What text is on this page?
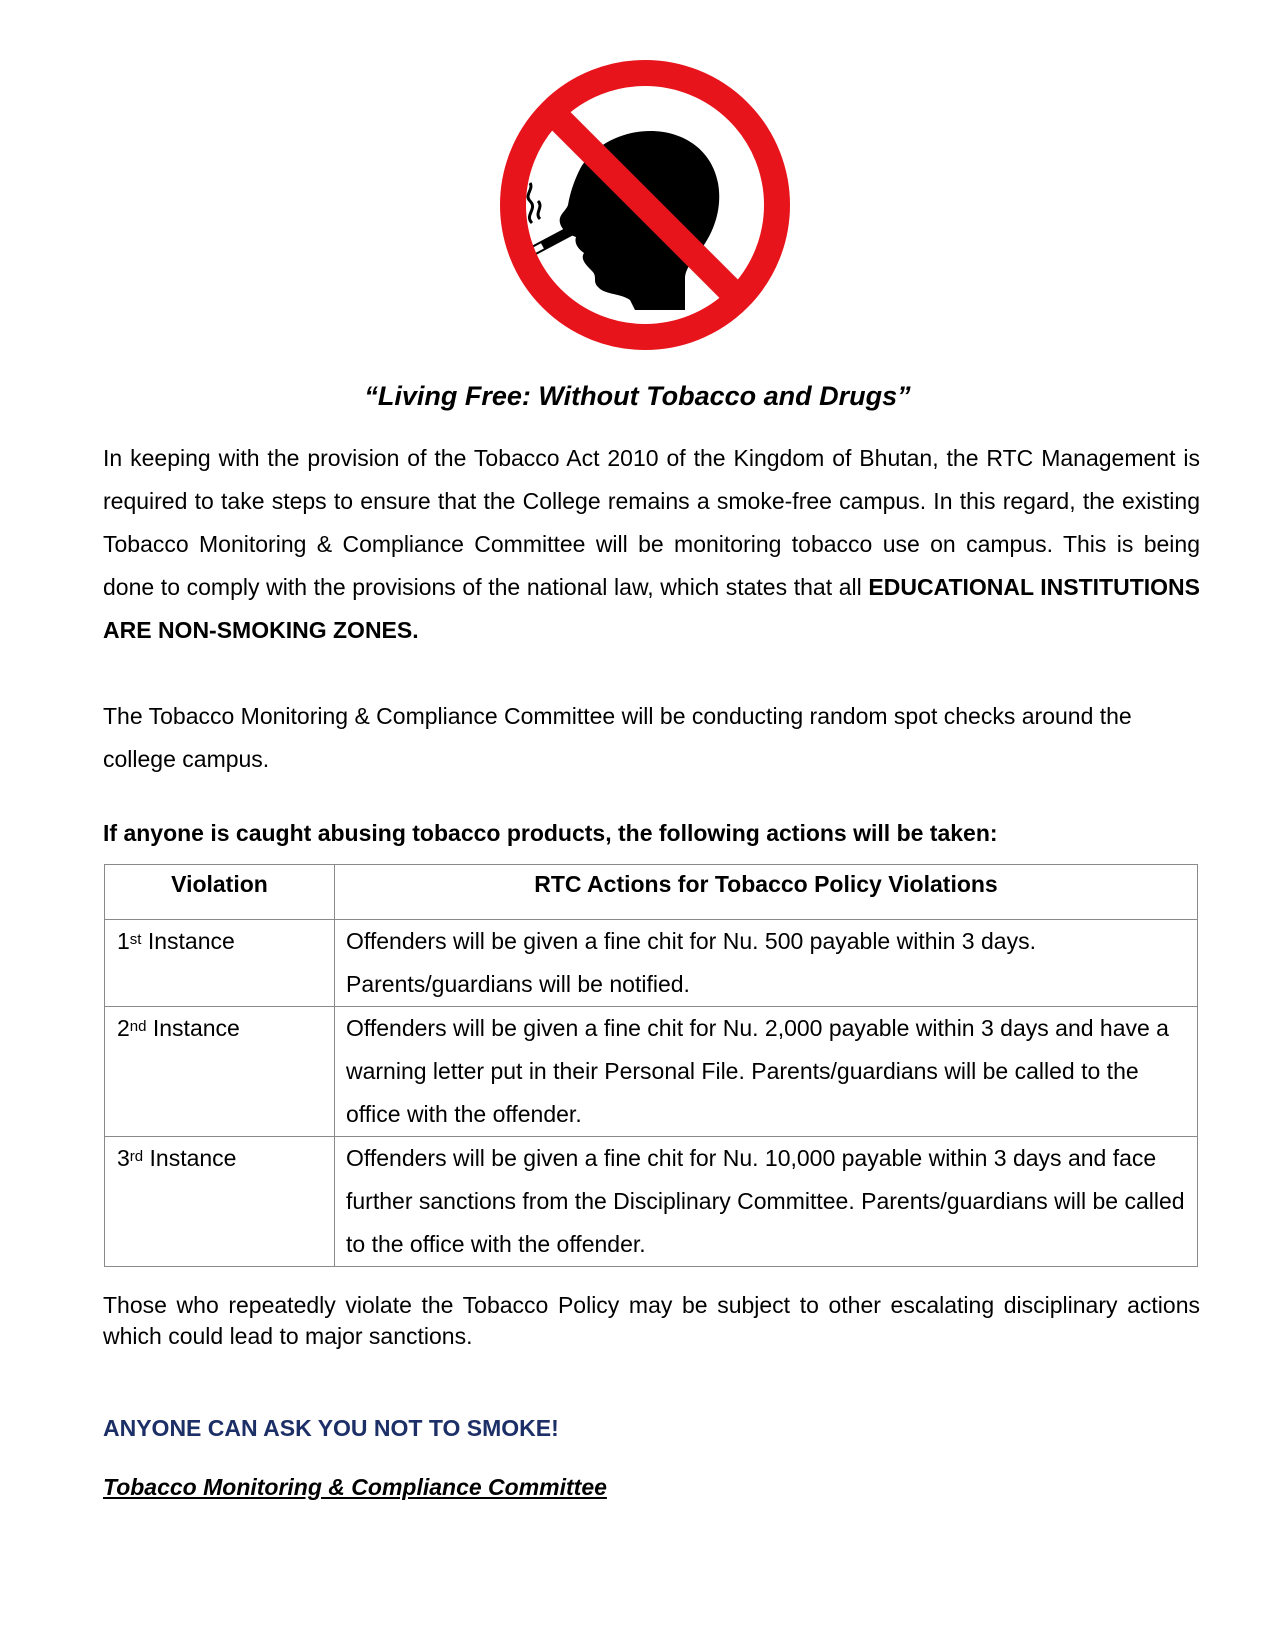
“Living Free: Without Tobacco and Drugs”
In keeping with the provision of the Tobacco Act 2010 of the Kingdom of Bhutan, the RTC Management is required to take steps to ensure that the College remains a smoke-free campus. In this regard, the existing Tobacco Monitoring & Compliance Committee will be monitoring tobacco use on campus. This is being done to comply with the provisions of the national law, which states that all EDUCATIONAL INSTITUTIONS ARE NON-SMOKING ZONES.

The Tobacco Monitoring & Compliance Committee will be conducting random spot checks around the college campus.

If anyone is caught abusing tobacco products, the following actions will be taken:

Violation	RTC Actions for Tobacco Policy Violations
1st Instance	Offenders will be given a fine chit for Nu. 500 payable within 3 days. Parents/guardians will be notified.
2nd Instance	Offenders will be given a fine chit for Nu. 2,000 payable within 3 days and have a warning letter put in their Personal File. Parents/guardians will be called to the office with the offender.
3rd Instance	Offenders will be given a fine chit for Nu. 10,000 payable within 3 days and face further sanctions from the Disciplinary Committee. Parents/guardians will be called to the office with the offender.

Those who repeatedly violate the Tobacco Policy may be subject to other escalating disciplinary actions which could lead to major sanctions.

ANYONE CAN ASK YOU NOT TO SMOKE!

Tobacco Monitoring & Compliance Committee
